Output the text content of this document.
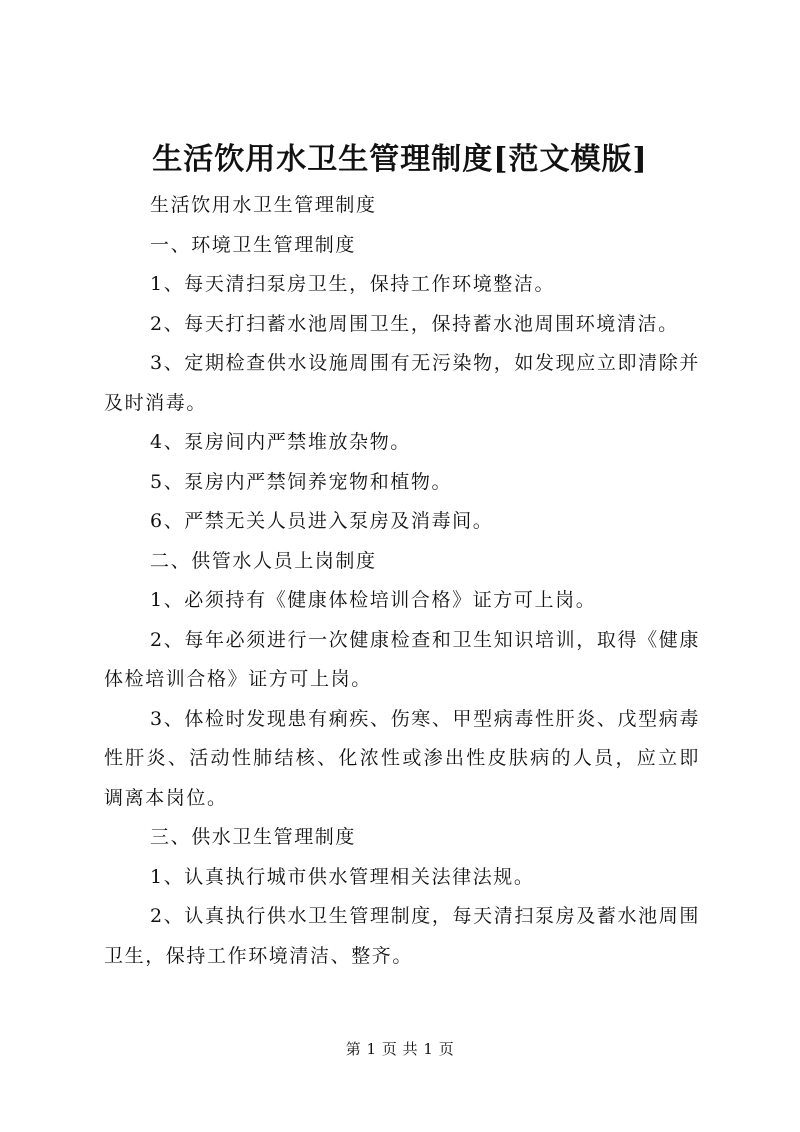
生活饮用水卫生管理制度[范文模版]

生活饮用水卫生管理制度

一、环境卫生管理制度

1、每天清扫泵房卫生，保持工作环境整洁。

2、每天打扫蓄水池周围卫生，保持蓄水池周围环境清洁。

3、定期检查供水设施周围有无污染物，如发现应立即清除并及时消毒。

4、泵房间内严禁堆放杂物。

5、泵房内严禁饲养宠物和植物。

6、严禁无关人员进入泵房及消毒间。

二、供管水人员上岗制度

1、必须持有《健康体检培训合格》证方可上岗。

2、每年必须进行一次健康检查和卫生知识培训，取得《健康体检培训合格》证方可上岗。

3、体检时发现患有痢疾、伤寒、甲型病毒性肝炎、戊型病毒性肝炎、活动性肺结核、化浓性或渗出性皮肤病的人员，应立即调离本岗位。

三、供水卫生管理制度

1、认真执行城市供水管理相关法律法规。

2、认真执行供水卫生管理制度，每天清扫泵房及蓄水池周围卫生，保持工作环境清洁、整齐。

第 1 页 共 1 页
